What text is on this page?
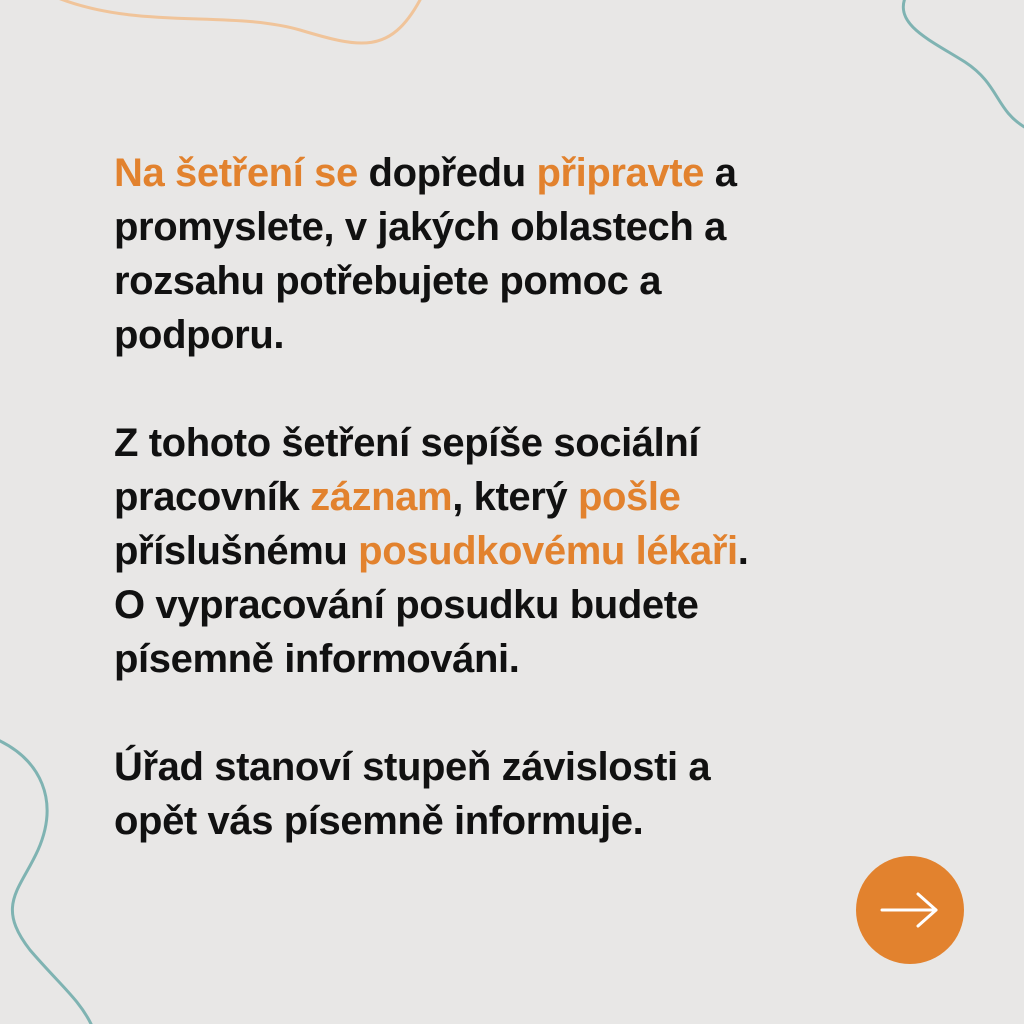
Na šetření se dopředu připravte a
promyslete, v jakých oblastech a
rozsahu potřebujete pomoc a
podporu.
Z tohoto šetření sepíše sociální
pracovník záznam, který pošle
příslušnému posudkovému lékaři.
O vypracování posudku budete
písemně informováni.
Úřad stanoví stupeň závislosti a
opět vás písemně informuje.
